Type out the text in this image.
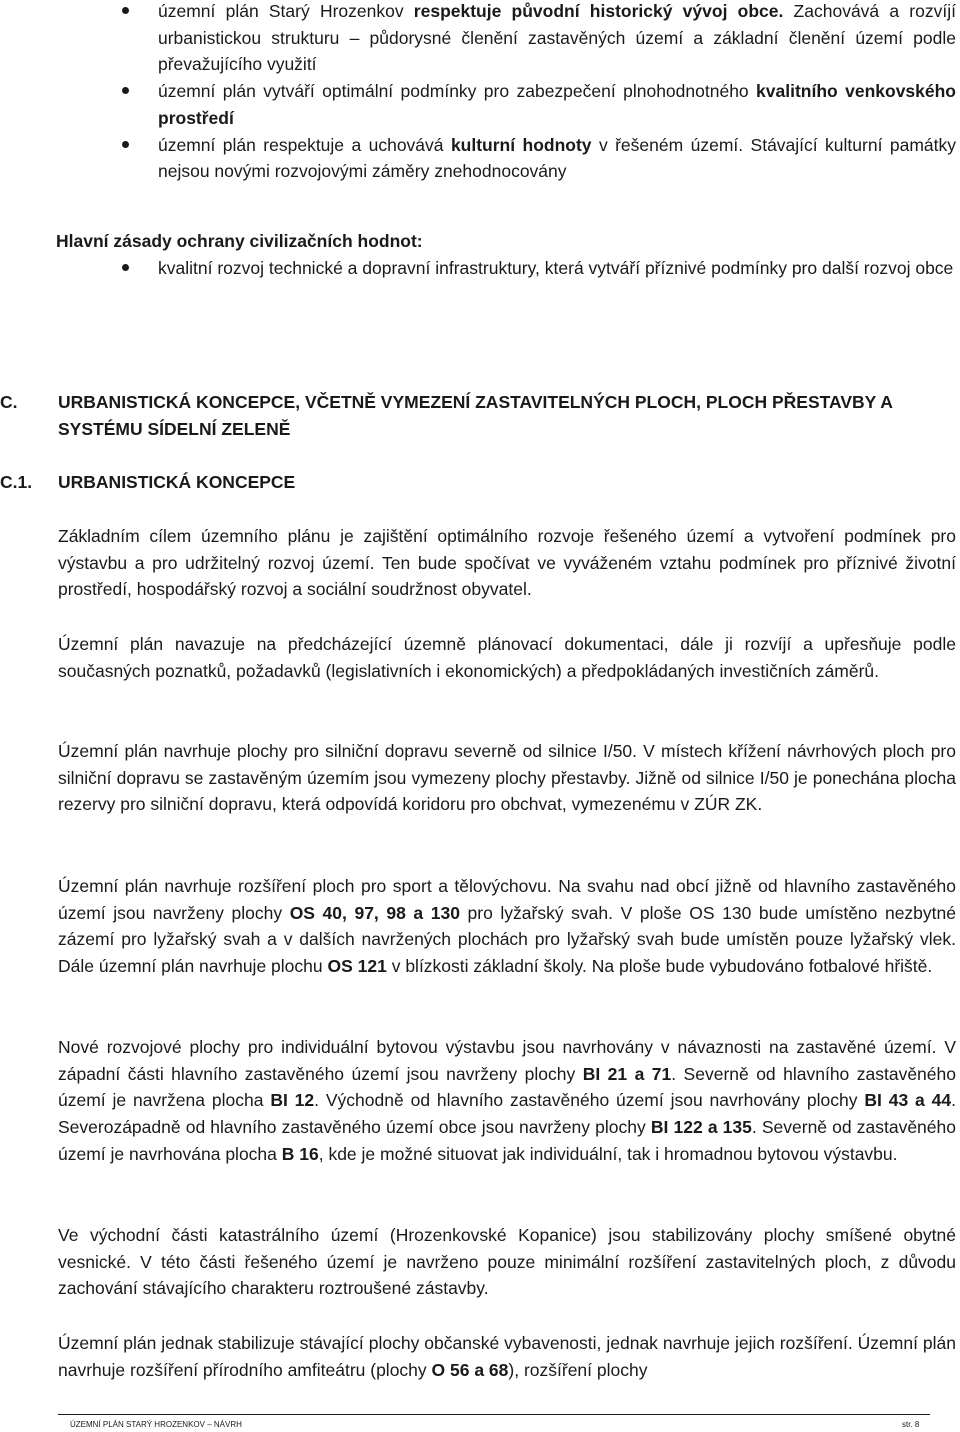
územní plán Starý Hrozenkov respektuje původní historický vývoj obce. Zachovává a rozvíjí urbanistickou strukturu – půdorysné členění zastavěných území a základní členění území podle převažujícího využití
územní plán vytváří optimální podmínky pro zabezpečení plnohodnotného kvalitního venkovského prostředí
územní plán respektuje a uchovává kulturní hodnoty v řešeném území. Stávající kulturní památky nejsou novými rozvojovými záměry znehodnocovány

Hlavní zásady ochrany civilizačních hodnot:

kvalitní rozvoj technické a dopravní infrastruktury, která vytváří příznivé podmínky pro další rozvoj obce
C. URBANISTICKÁ KONCEPCE, VČETNĚ VYMEZENÍ ZASTAVITELNÝCH PLOCH, PLOCH PŘESTAVBY A SYSTÉMU SÍDELNÍ ZELENĚ
C.1. URBANISTICKÁ KONCEPCE

Základním cílem územního plánu je zajištění optimálního rozvoje řešeného území a vytvoření podmínek pro výstavbu a pro udržitelný rozvoj území. Ten bude spočívat ve vyváženém vztahu podmínek pro příznivé životní prostředí, hospodářský rozvoj a sociální soudržnost obyvatel.

Územní plán navazuje na předcházející územně plánovací dokumentaci, dále ji rozvíjí a upřesňuje podle současných poznatků, požadavků (legislativních i ekonomických) a předpokládaných investičních záměrů.

Územní plán navrhuje plochy pro silniční dopravu severně od silnice I/50. V místech křížení návrhových ploch pro silniční dopravu se zastavěným územím jsou vymezeny plochy přestavby. Jižně od silnice I/50 je ponechána plocha rezervy pro silniční dopravu, která odpovídá koridoru pro obchvat, vymezenému v ZÚR ZK.

Územní plán navrhuje rozšíření ploch pro sport a tělovýchovu. Na svahu nad obcí jižně od hlavního zastavěného území jsou navrženy plochy OS 40, 97, 98 a 130 pro lyžařský svah. V ploše OS 130 bude umístěno nezbytné zázemí pro lyžařský svah a v dalších navržených plochách pro lyžařský svah bude umístěn pouze lyžařský vlek. Dále územní plán navrhuje plochu OS 121 v blízkosti základní školy. Na ploše bude vybudováno fotbalové hřiště.

Nové rozvojové plochy pro individuální bytovou výstavbu jsou navrhovány v návaznosti na zastavěné území. V západní části hlavního zastavěného území jsou navrženy plochy BI 21 a 71. Severně od hlavního zastavěného území je navržena plocha BI 12. Východně od hlavního zastavěného území jsou navrhovány plochy BI 43 a 44. Severozápadně od hlavního zastavěného území obce jsou navrženy plochy BI 122 a 135. Severně od zastavěného území je navrhována plocha B 16, kde je možné situovat jak individuální, tak i hromadnou bytovou výstavbu.

Ve východní části katastrálního území (Hrozenkovské Kopanice) jsou stabilizovány plochy smíšené obytné vesnické. V této části řešeného území je navrženo pouze minimální rozšíření zastavitelných ploch, z důvodu zachování stávajícího charakteru roztroušené zástavby.

Územní plán jednak stabilizuje stávající plochy občanské vybavenosti, jednak navrhuje jejich rozšíření. Územní plán navrhuje rozšíření přírodního amfiteátru (plochy O 56 a 68), rozšíření plochy

ÚZEMNÍ PLÁN STARÝ HROZENKOV – NÁVRH	str. 8
